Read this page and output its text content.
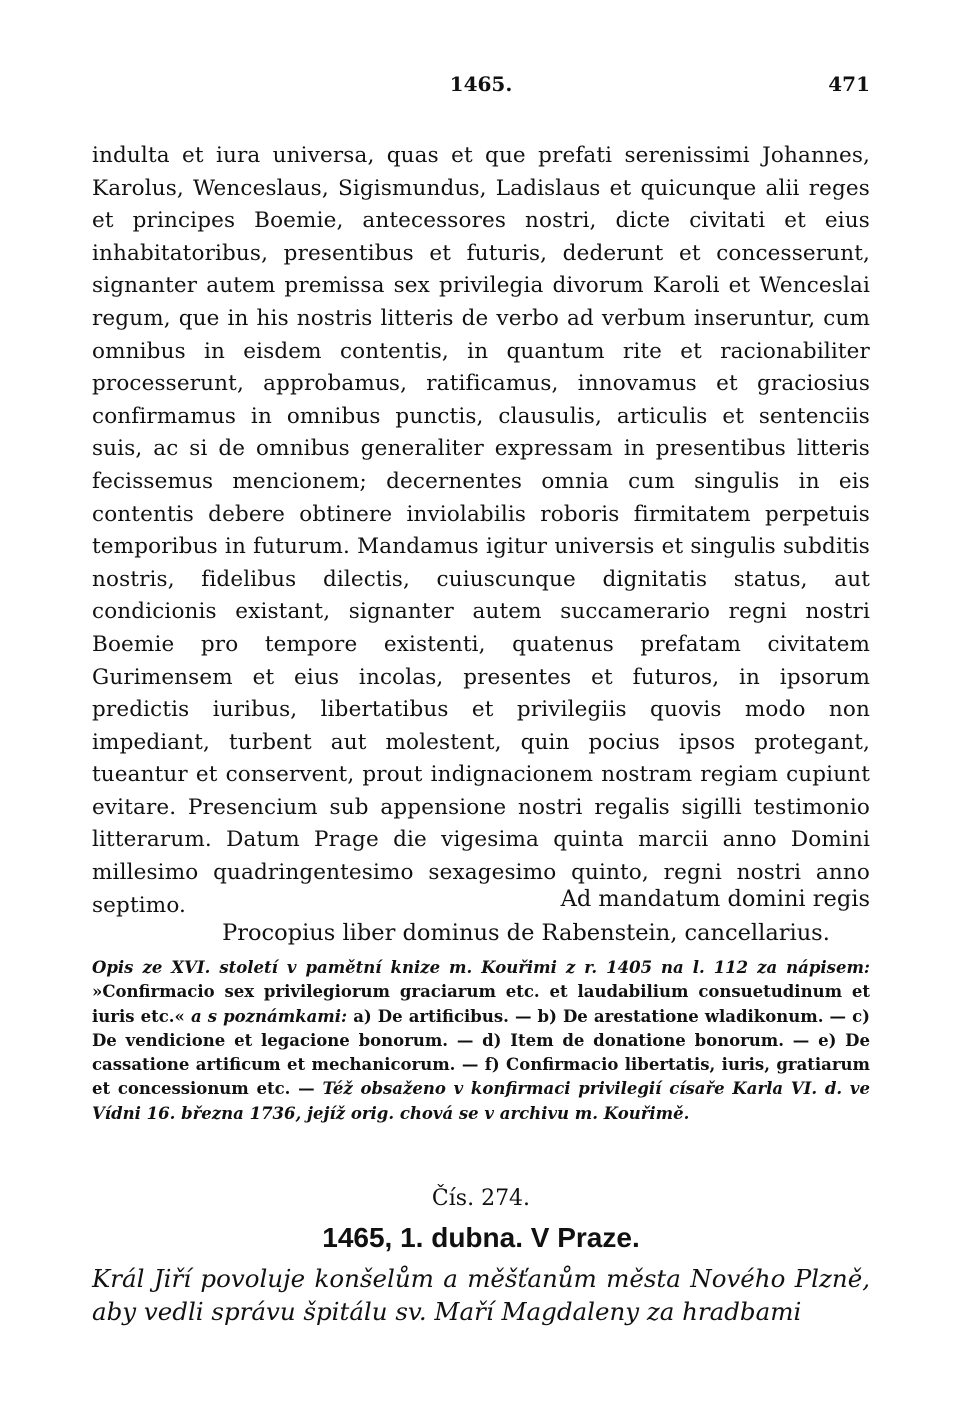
1465.	471

indulta et iura universa, quas et que prefati serenissimi Johannes, Karolus, Wenceslaus, Sigismundus, Ladislaus et quicunque alii reges et principes Boemie, antecessores nostri, dicte civitati et eius inhabitatoribus, presentibus et futuris, dederunt et concesserunt, signanter autem premissa sex privilegia divorum Karoli et Wenceslai regum, que in his nostris litteris de verbo ad verbum inseruntur, cum omnibus in eisdem contentis, in quantum rite et racionabiliter processerunt, approbamus, ratificamus, innovamus et graciosius confirmamus in omnibus punctis, clausulis, articulis et sentenciis suis, ac si de omnibus generaliter expressam in presentibus litteris fecissemus mencionem; decernentes omnia cum singulis in eis contentis debere obtinere inviolabilis roboris firmitatem perpetuis temporibus in futurum. Mandamus igitur universis et singulis subditis nostris, fidelibus dilectis, cuiuscunque dignitatis status, aut condicionis existant, signanter autem succamerario regni nostri Boemie pro tempore existenti, quatenus prefatam civitatem Gurimensem et eius incolas, presentes et futuros, in ipsorum predictis iuribus, libertatibus et privilegiis quovis modo non impediant, turbent aut molestent, quin pocius ipsos protegant, tueantur et conservent, prout indignacionem nostram regiam cupiunt evitare. Presencium sub appensione nostri regalis sigilli testimonio litterarum. Datum Prage die vigesima quinta marcii anno Domini millesimo quadringentesimo sexagesimo quinto, regni nostri anno septimo.	Ad mandatum domini regis
Procopius liber dominus de Rabenstein, cancellarius.

Opis ze XVI. století v pamětní knize m. Kouřimi z r. 1405 na l. 112 za nápisem: »Confirmacio sex privilegiorum graciarum etc. et laudabilium consuetudinum et iuris etc.« a s poznámkami: a) De artificibus. — b) De arestatione wladikonum. — c) De vendicione et legacione bonorum. — d) Item de donatione bonorum. — e) De cassatione artificum et mechanicorum. — f) Confirmacio libertatis, iuris, gratiarum et concessionum etc. — Též obsaženo v konfirmaci privilegií císaře Karla VI. d. ve Vídni 16. března 1736, jejíž orig. chová se v archivu m. Kouřimě.

Čís. 274.
1465, 1. dubna. V Praze.

Král Jiří povoluje konšelům a měšťanům města Nového Plzně, aby vedli správu špitálu sv. Maří Magdaleny za hradbami
